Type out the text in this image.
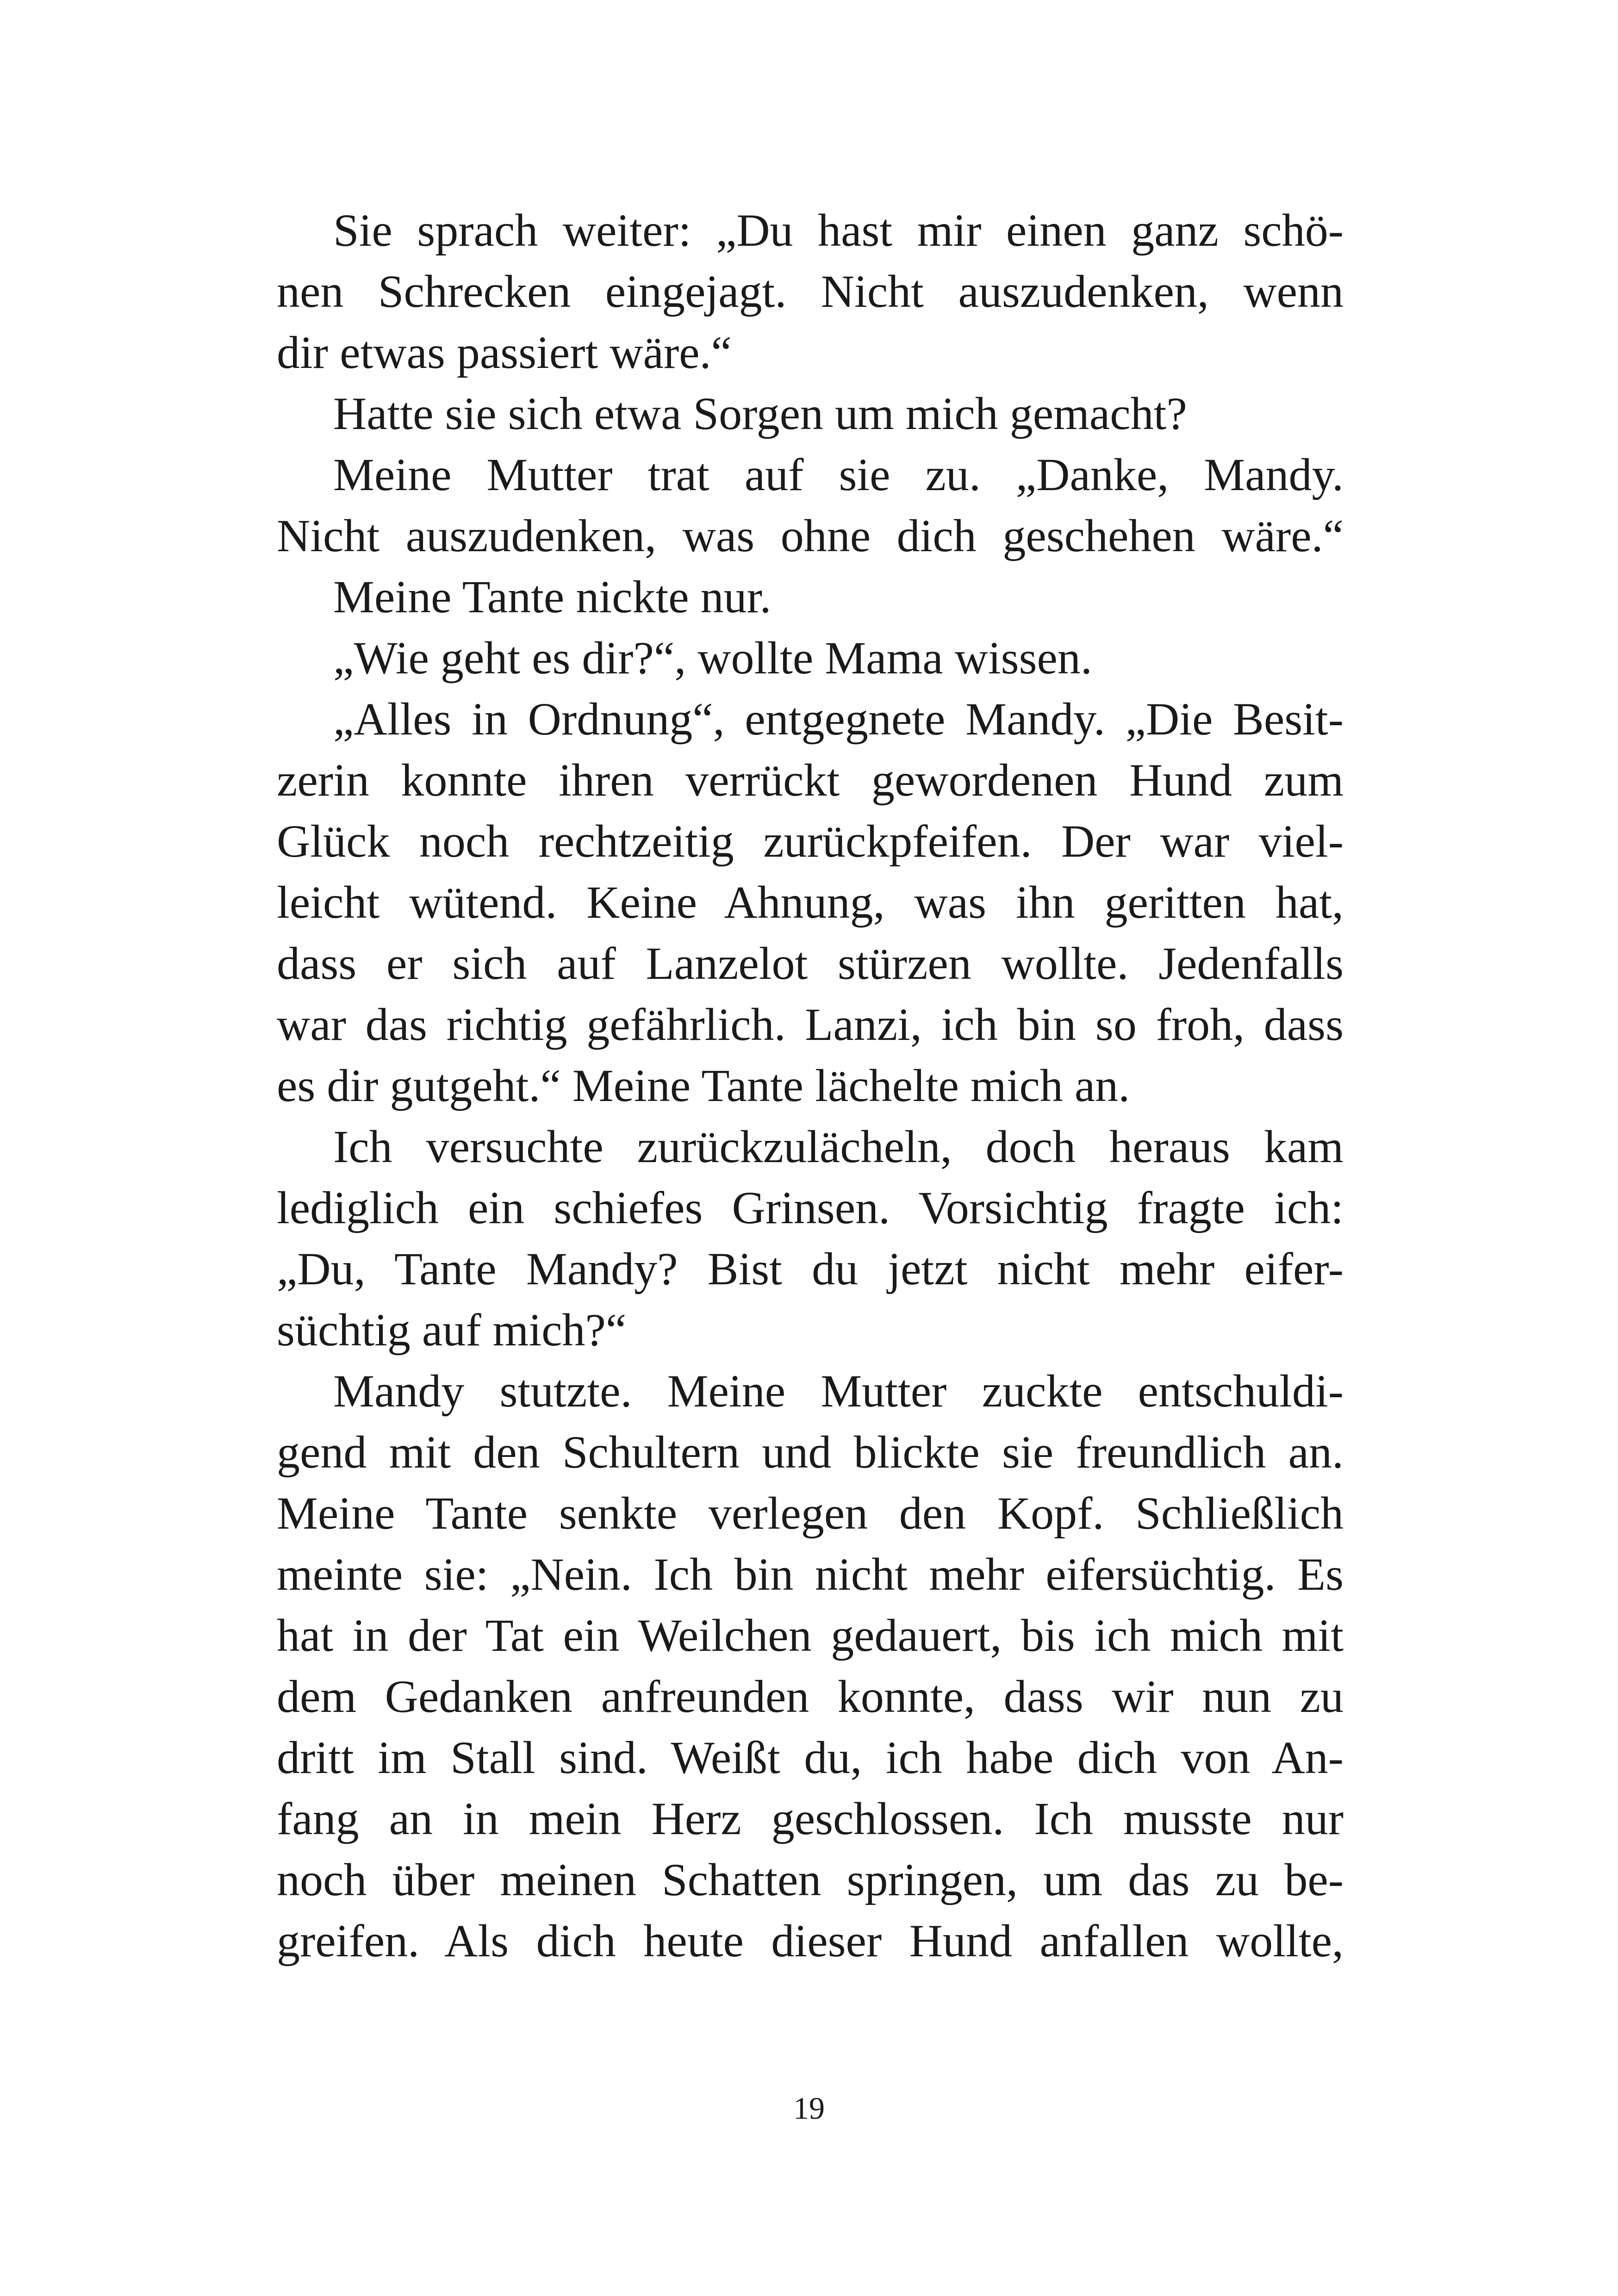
Sie sprach weiter: „Du hast mir einen ganz schö-
nen Schrecken eingejagt. Nicht auszudenken, wenn
dir etwas passiert wäre.“
Hatte sie sich etwa Sorgen um mich gemacht?
Meine Mutter trat auf sie zu. „Danke, Mandy.
Nicht auszudenken, was ohne dich geschehen wäre.“
Meine Tante nickte nur.
„Wie geht es dir?“, wollte Mama wissen.
„Alles in Ordnung“, entgegnete Mandy. „Die Besit-
zerin konnte ihren verrückt gewordenen Hund zum
Glück noch rechtzeitig zurückpfeifen. Der war viel-
leicht wütend. Keine Ahnung, was ihn geritten hat,
dass er sich auf Lanzelot stürzen wollte. Jedenfalls
war das richtig gefährlich. Lanzi, ich bin so froh, dass
es dir gutgeht.“ Meine Tante lächelte mich an.
Ich versuchte zurückzulächeln, doch heraus kam
lediglich ein schiefes Grinsen. Vorsichtig fragte ich:
„Du, Tante Mandy? Bist du jetzt nicht mehr eifer-
süchtig auf mich?“
Mandy stutzte. Meine Mutter zuckte entschuldi-
gend mit den Schultern und blickte sie freundlich an.
Meine Tante senkte verlegen den Kopf. Schließlich
meinte sie: „Nein. Ich bin nicht mehr eifersüchtig. Es
hat in der Tat ein Weilchen gedauert, bis ich mich mit
dem Gedanken anfreunden konnte, dass wir nun zu
dritt im Stall sind. Weißt du, ich habe dich von An-
fang an in mein Herz geschlossen. Ich musste nur
noch über meinen Schatten springen, um das zu be-
greifen. Als dich heute dieser Hund anfallen wollte,
19
